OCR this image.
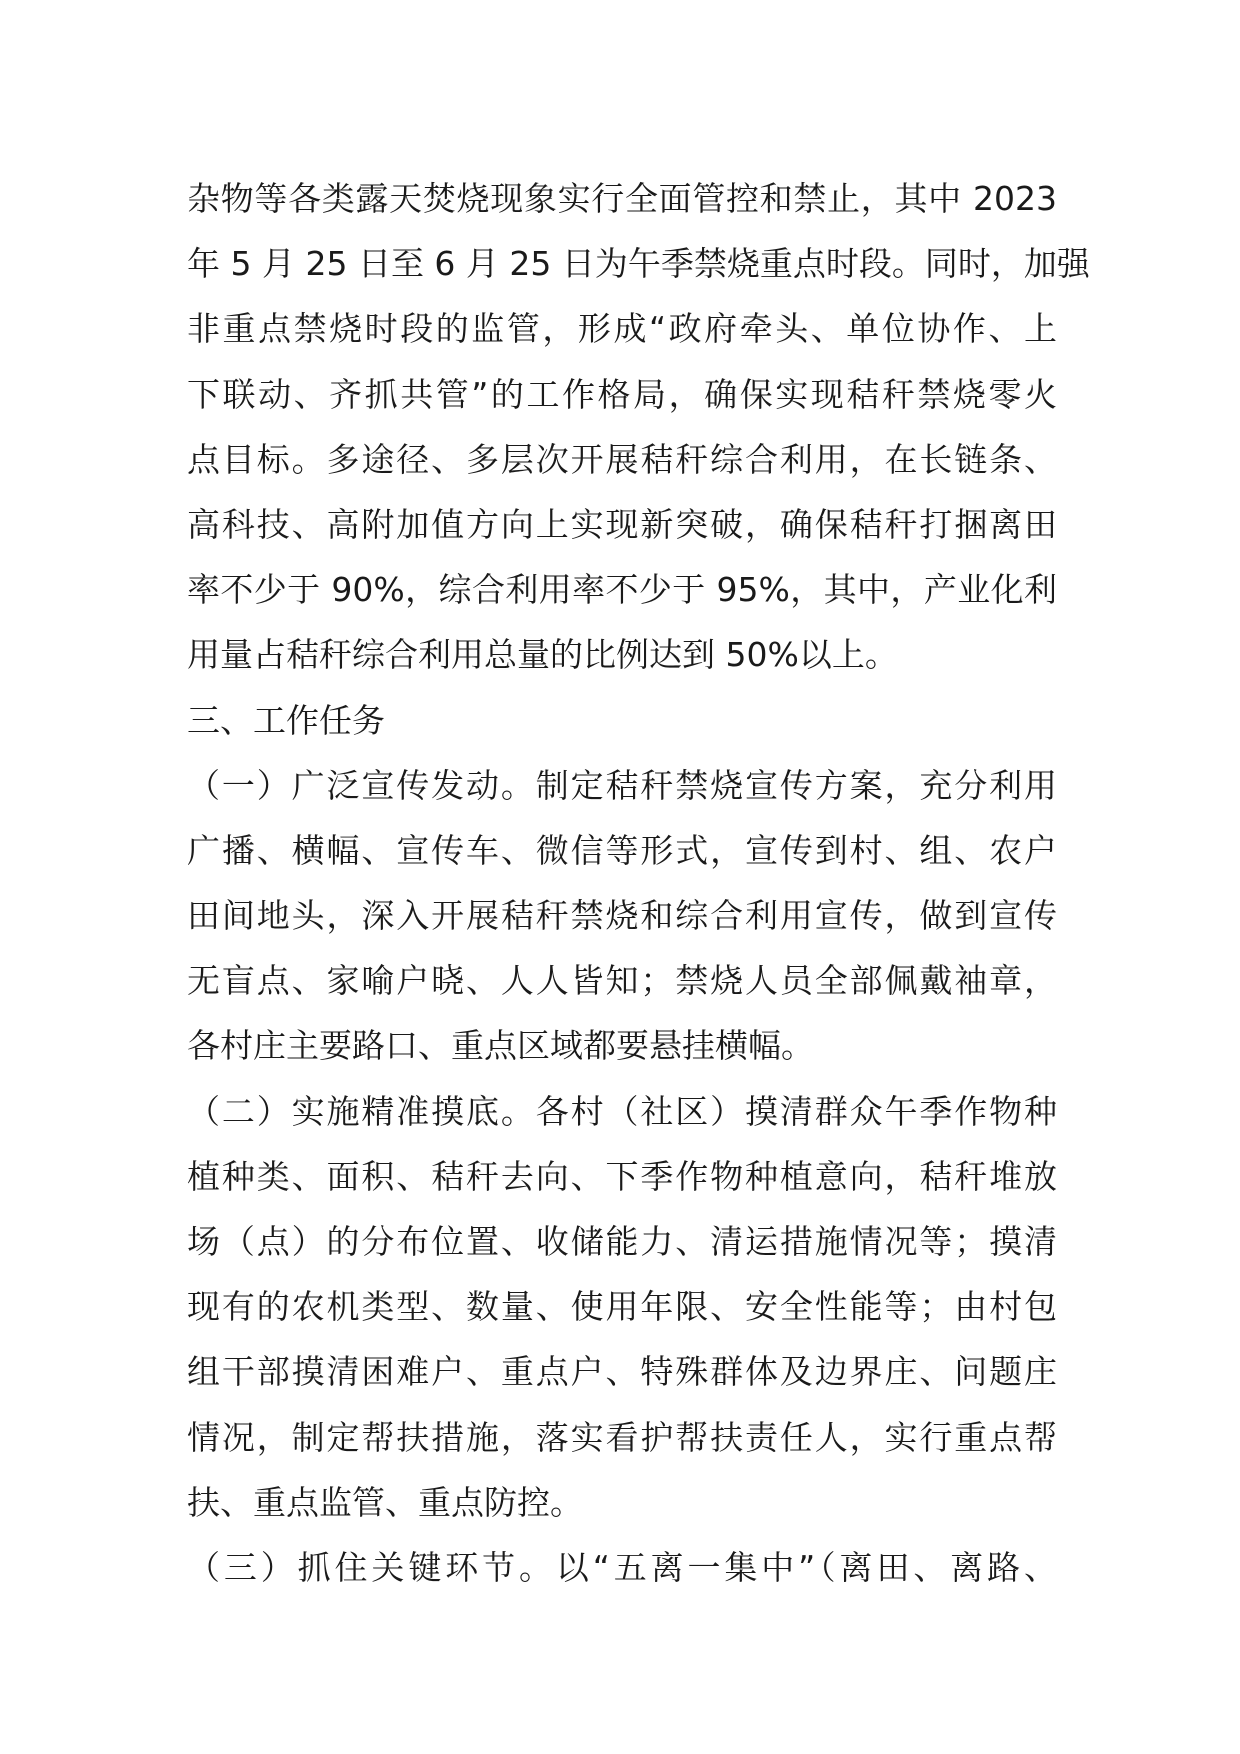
杂物等各类露天焚烧现象实行全面管控和禁止，其中 2023
年 5 月 25 日至 6 月 25 日为午季禁烧重点时段。同时，加强
非重点禁烧时段的监管，形成“政府牵头、单位协作、上
下联动、齐抓共管”的工作格局，确保实现秸秆禁烧零火
点目标。多途径、多层次开展秸秆综合利用，在长链条、
高科技、高附加值方向上实现新突破，确保秸秆打捆离田
率不少于 90%，综合利用率不少于 95%，其中，产业化利
用量占秸秆综合利用总量的比例达到 50%以上。
三、工作任务
（一）广泛宣传发动。制定秸秆禁烧宣传方案，充分利用
广播、横幅、宣传车、微信等形式，宣传到村、组、农户
田间地头，深入开展秸秆禁烧和综合利用宣传，做到宣传
无盲点、家喻户晓、人人皆知；禁烧人员全部佩戴袖章，
各村庄主要路口、重点区域都要悬挂横幅。
（二）实施精准摸底。各村（社区）摸清群众午季作物种
植种类、面积、秸秆去向、下季作物种植意向，秸秆堆放
场（点）的分布位置、收储能力、清运措施情况等；摸清
现有的农机类型、数量、使用年限、安全性能等；由村包
组干部摸清困难户、重点户、特殊群体及边界庄、问题庄
情况，制定帮扶措施，落实看护帮扶责任人，实行重点帮
扶、重点监管、重点防控。
（三）抓住关键环节。以“五离一集中”（离田、离路、
